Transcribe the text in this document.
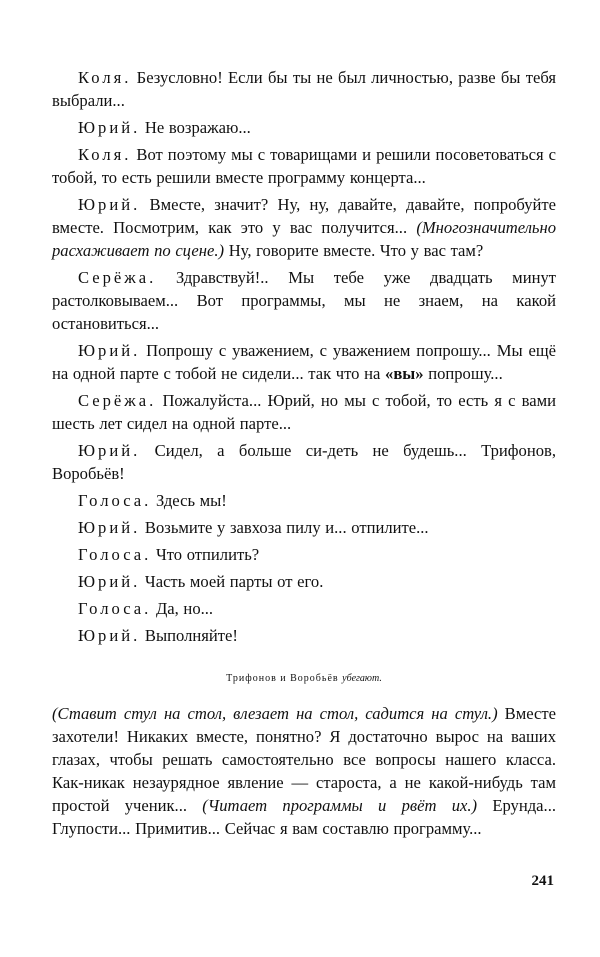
Коля. Безусловно! Если бы ты не был личностью, разве бы тебя выбрали...

Юрий. Не возражаю...

Коля. Вот поэтому мы с товарищами и решили посоветоваться с тобой, то есть решили вместе программу концерта...

Юрий. Вместе, значит? Ну, ну, давайте, давайте, попробуйте вместе. Посмотрим, как это у вас получится... (Многозначительно расхаживает по сцене.) Ну, говорите вместе. Что у вас там?

Серёжа. Здравствуй!.. Мы тебе уже двадцать минут растолковываем... Вот программы, мы не знаем, на какой остановиться...

Юрий. Попрошу с уважением, с уважением попрошу... Мы ещё на одной парте с тобой не сидели... так что на «вы» попрошу...

Серёжа. Пожалуйста... Юрий, но мы с тобой, то есть я с вами шесть лет сидел на одной парте...

Юрий. Сидел, а больше си-деть не будешь... Трифонов, Воробьёв!

Голоса. Здесь мы!

Юрий. Возьмите у завхоза пилу и... отпилите...

Голоса. Что отпилить?

Юрий. Часть моей парты от его.

Голоса. Да, но...

Юрий. Выполняйте!

Трифонов и Воробьёв убегают.

(Ставит стул на стол, влезает на стол, садится на стул.) Вместе захотели! Никаких вместе, понятно? Я достаточно вырос на ваших глазах, чтобы решать самостоятельно все вопросы нашего класса. Как-никак незаурядное явление — староста, а не какой-нибудь там простой ученик... (Читает программы и рвёт их.) Ерунда... Глупости... Примитив... Сейчас я вам составлю программу...

241
